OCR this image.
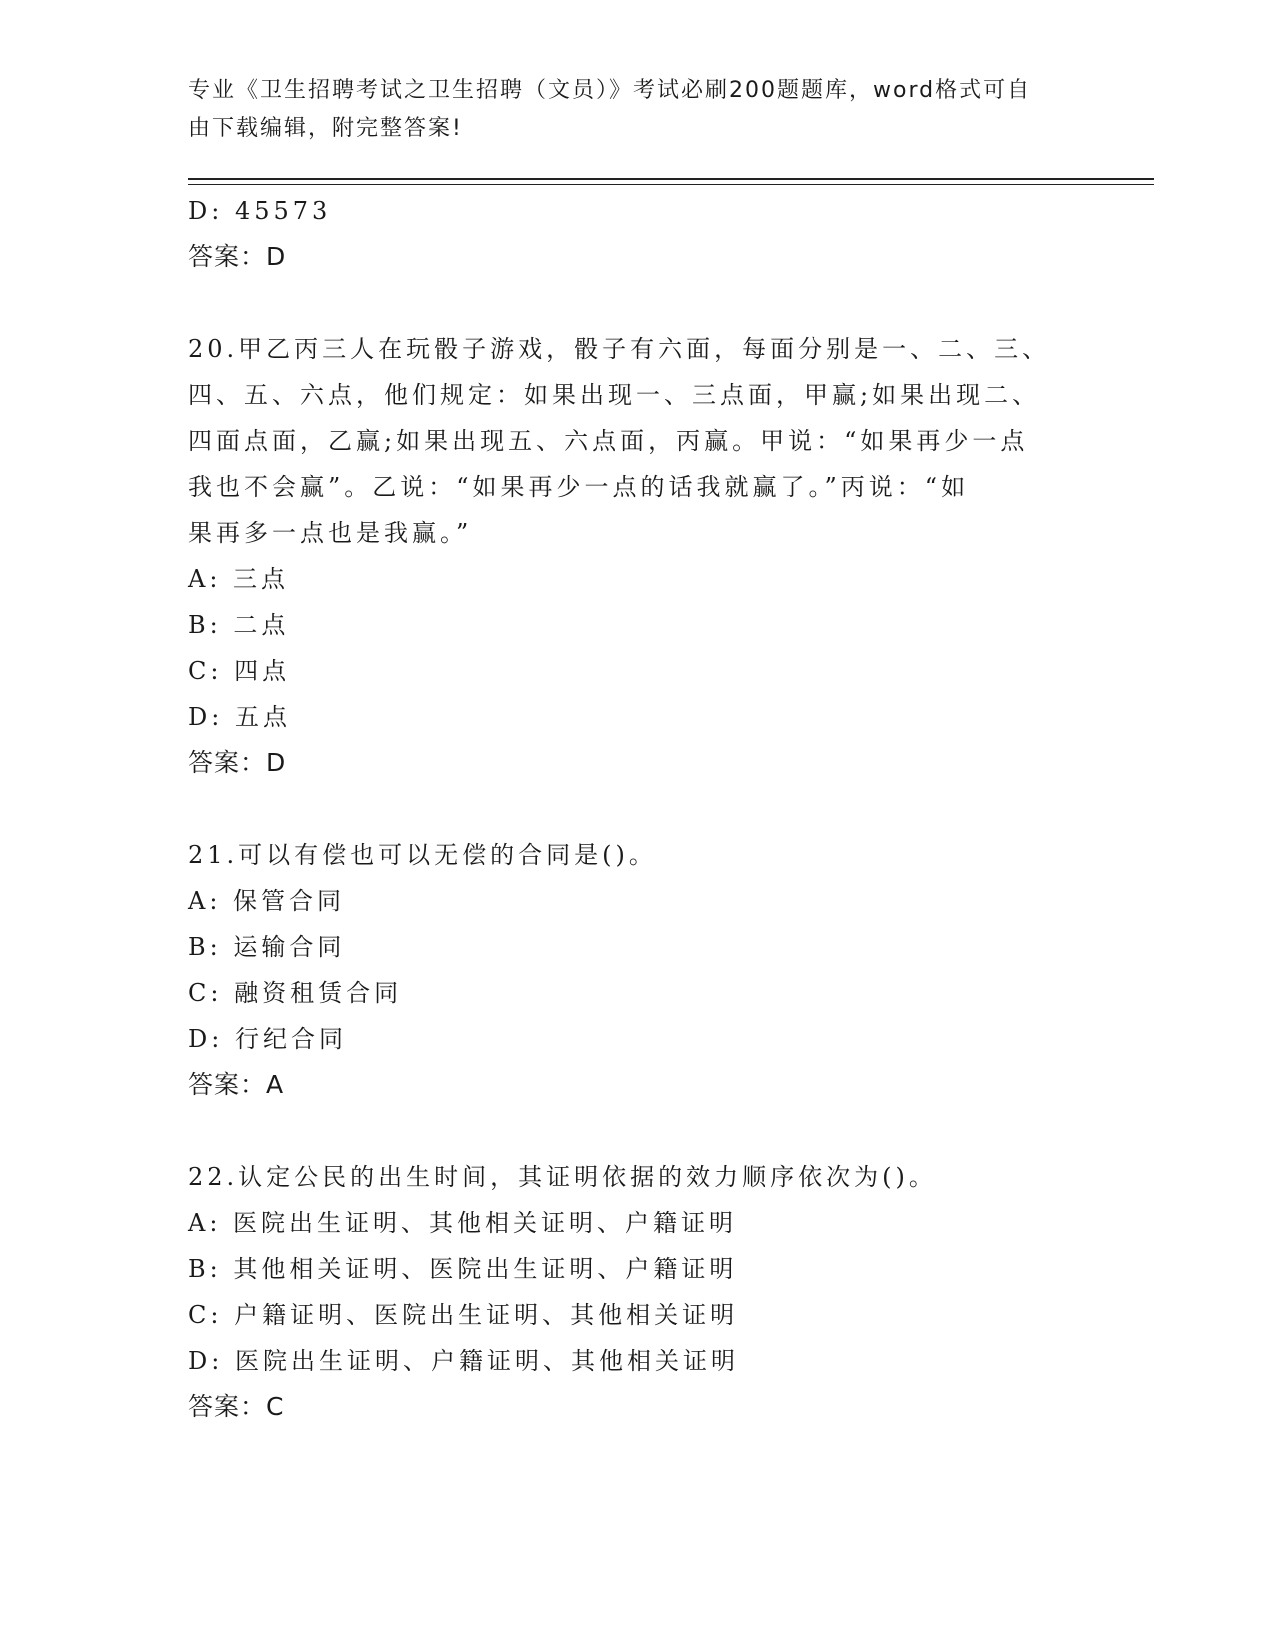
专业《卫生招聘考试之卫生招聘（文员）》考试必刷200题题库，word格式可自
由下载编辑，附完整答案!
D: 45573
答案：D
20.甲乙丙三人在玩骰子游戏，骰子有六面，每面分别是一、二、三、
四、五、六点，他们规定：如果出现一、三点面，甲赢;如果出现二、
四面点面，乙赢;如果出现五、六点面，丙赢。甲说：“如果再少一点
我也不会赢”。乙说：“如果再少一点的话我就赢了。”丙说：“如
果再多一点也是我赢。”
A: 三点
B: 二点
C: 四点
D: 五点
答案：D
21.可以有偿也可以无偿的合同是()。
A: 保管合同
B: 运输合同
C: 融资租赁合同
D: 行纪合同
答案：A
22.认定公民的出生时间，其证明依据的效力顺序依次为()。
A: 医院出生证明、其他相关证明、户籍证明
B: 其他相关证明、医院出生证明、户籍证明
C: 户籍证明、医院出生证明、其他相关证明
D: 医院出生证明、户籍证明、其他相关证明
答案：C
